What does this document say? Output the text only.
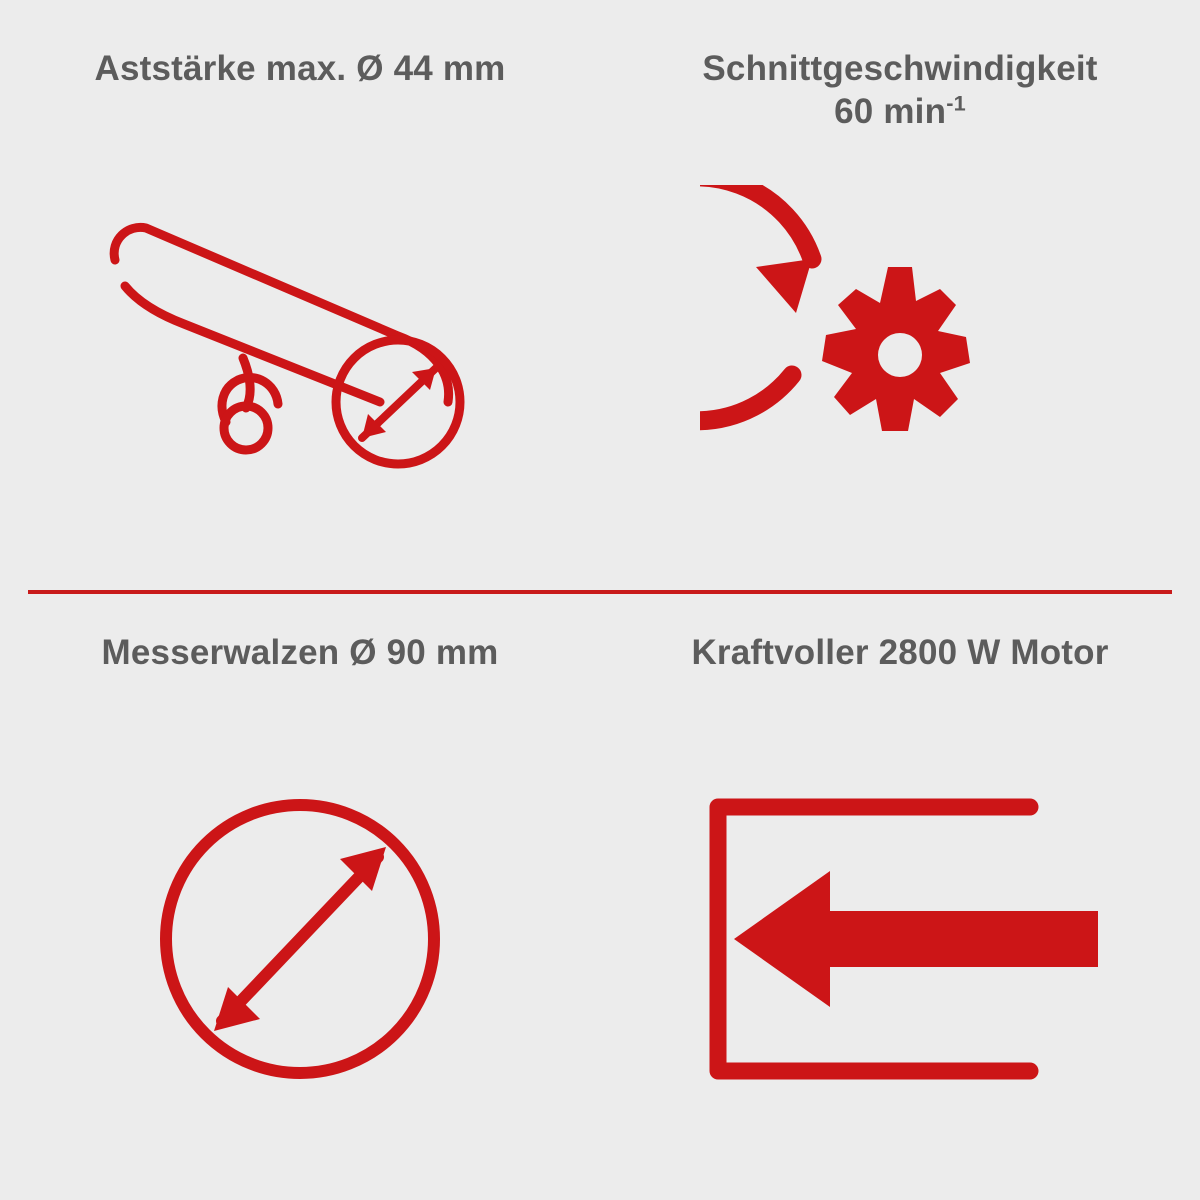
Aststärke max. Ø 44 mm	Schnittgeschwindigkeit
60 $\min^{-1}$
Messerwalzen Ø 90 mm	Kraftvoller 2800 W Motor
